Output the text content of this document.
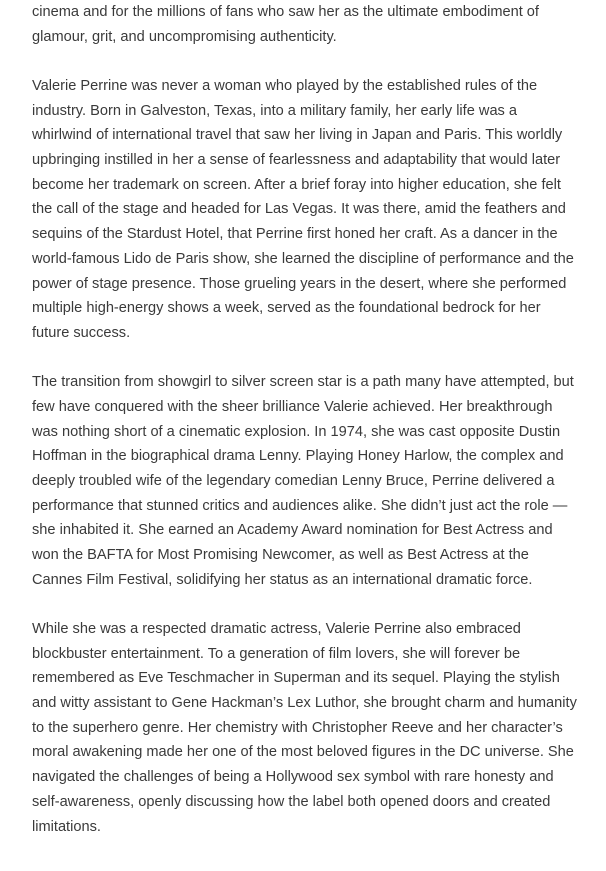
cinema and for the millions of fans who saw her as the ultimate embodiment of glamour, grit, and uncompromising authenticity.

Valerie Perrine was never a woman who played by the established rules of the industry. Born in Galveston, Texas, into a military family, her early life was a whirlwind of international travel that saw her living in Japan and Paris. This worldly upbringing instilled in her a sense of fearlessness and adaptability that would later become her trademark on screen. After a brief foray into higher education, she felt the call of the stage and headed for Las Vegas. It was there, amid the feathers and sequins of the Stardust Hotel, that Perrine first honed her craft. As a dancer in the world-famous Lido de Paris show, she learned the discipline of performance and the power of stage presence. Those grueling years in the desert, where she performed multiple high-energy shows a week, served as the foundational bedrock for her future success.

The transition from showgirl to silver screen star is a path many have attempted, but few have conquered with the sheer brilliance Valerie achieved. Her breakthrough was nothing short of a cinematic explosion. In 1974, she was cast opposite Dustin Hoffman in the biographical drama Lenny. Playing Honey Harlow, the complex and deeply troubled wife of the legendary comedian Lenny Bruce, Perrine delivered a performance that stunned critics and audiences alike. She didn’t just act the role — she inhabited it. She earned an Academy Award nomination for Best Actress and won the BAFTA for Most Promising Newcomer, as well as Best Actress at the Cannes Film Festival, solidifying her status as an international dramatic force.

While she was a respected dramatic actress, Valerie Perrine also embraced blockbuster entertainment. To a generation of film lovers, she will forever be remembered as Eve Teschmacher in Superman and its sequel. Playing the stylish and witty assistant to Gene Hackman’s Lex Luthor, she brought charm and humanity to the superhero genre. Her chemistry with Christopher Reeve and her character’s moral awakening made her one of the most beloved figures in the DC universe. She navigated the challenges of being a Hollywood sex symbol with rare honesty and self-awareness, openly discussing how the label both opened doors and created limitations.
